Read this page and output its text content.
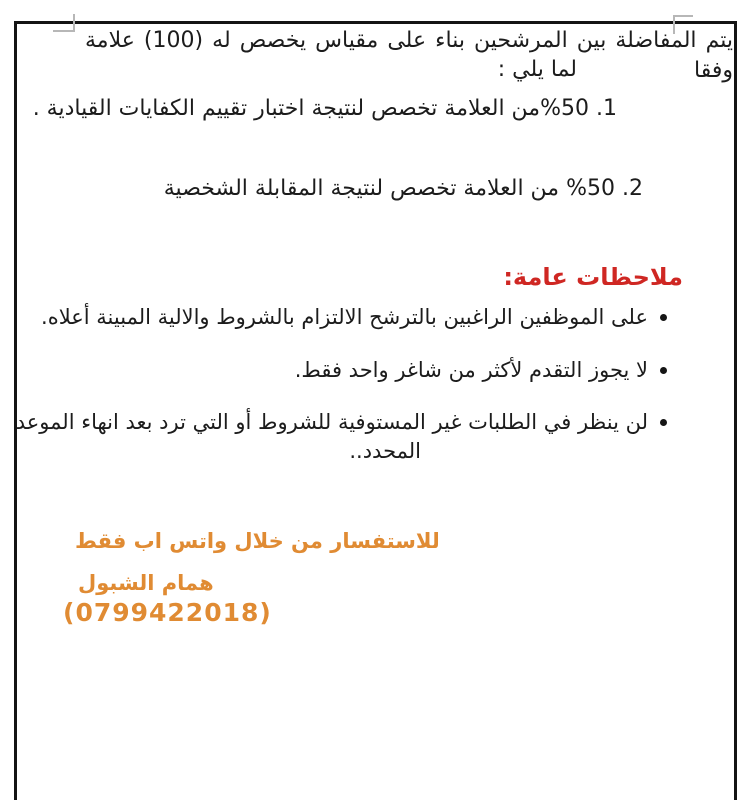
يتم المفاضلة بين المرشحين بناء على مقياس يخصص له (100) علامة وفقا
لما يلي :
1. %50من العلامة تخصص لنتيجة اختبار تقييم الكفايات القيادية .
2. %50 من العلامة تخصص لنتيجة المقابلة الشخصية
ملاحظات عامة:
على الموظفين الراغبين بالترشح الالتزام بالشروط والالية المبينة أعلاه.
لا يجوز التقدم لأكثر من شاغر واحد فقط.
لن ينظر في الطلبات غير المستوفية للشروط أو التي ترد بعد انهاء الموعد
المحدد..
للاستفسار من خلال واتس اب فقط
همام الشبول
(0799422018)
